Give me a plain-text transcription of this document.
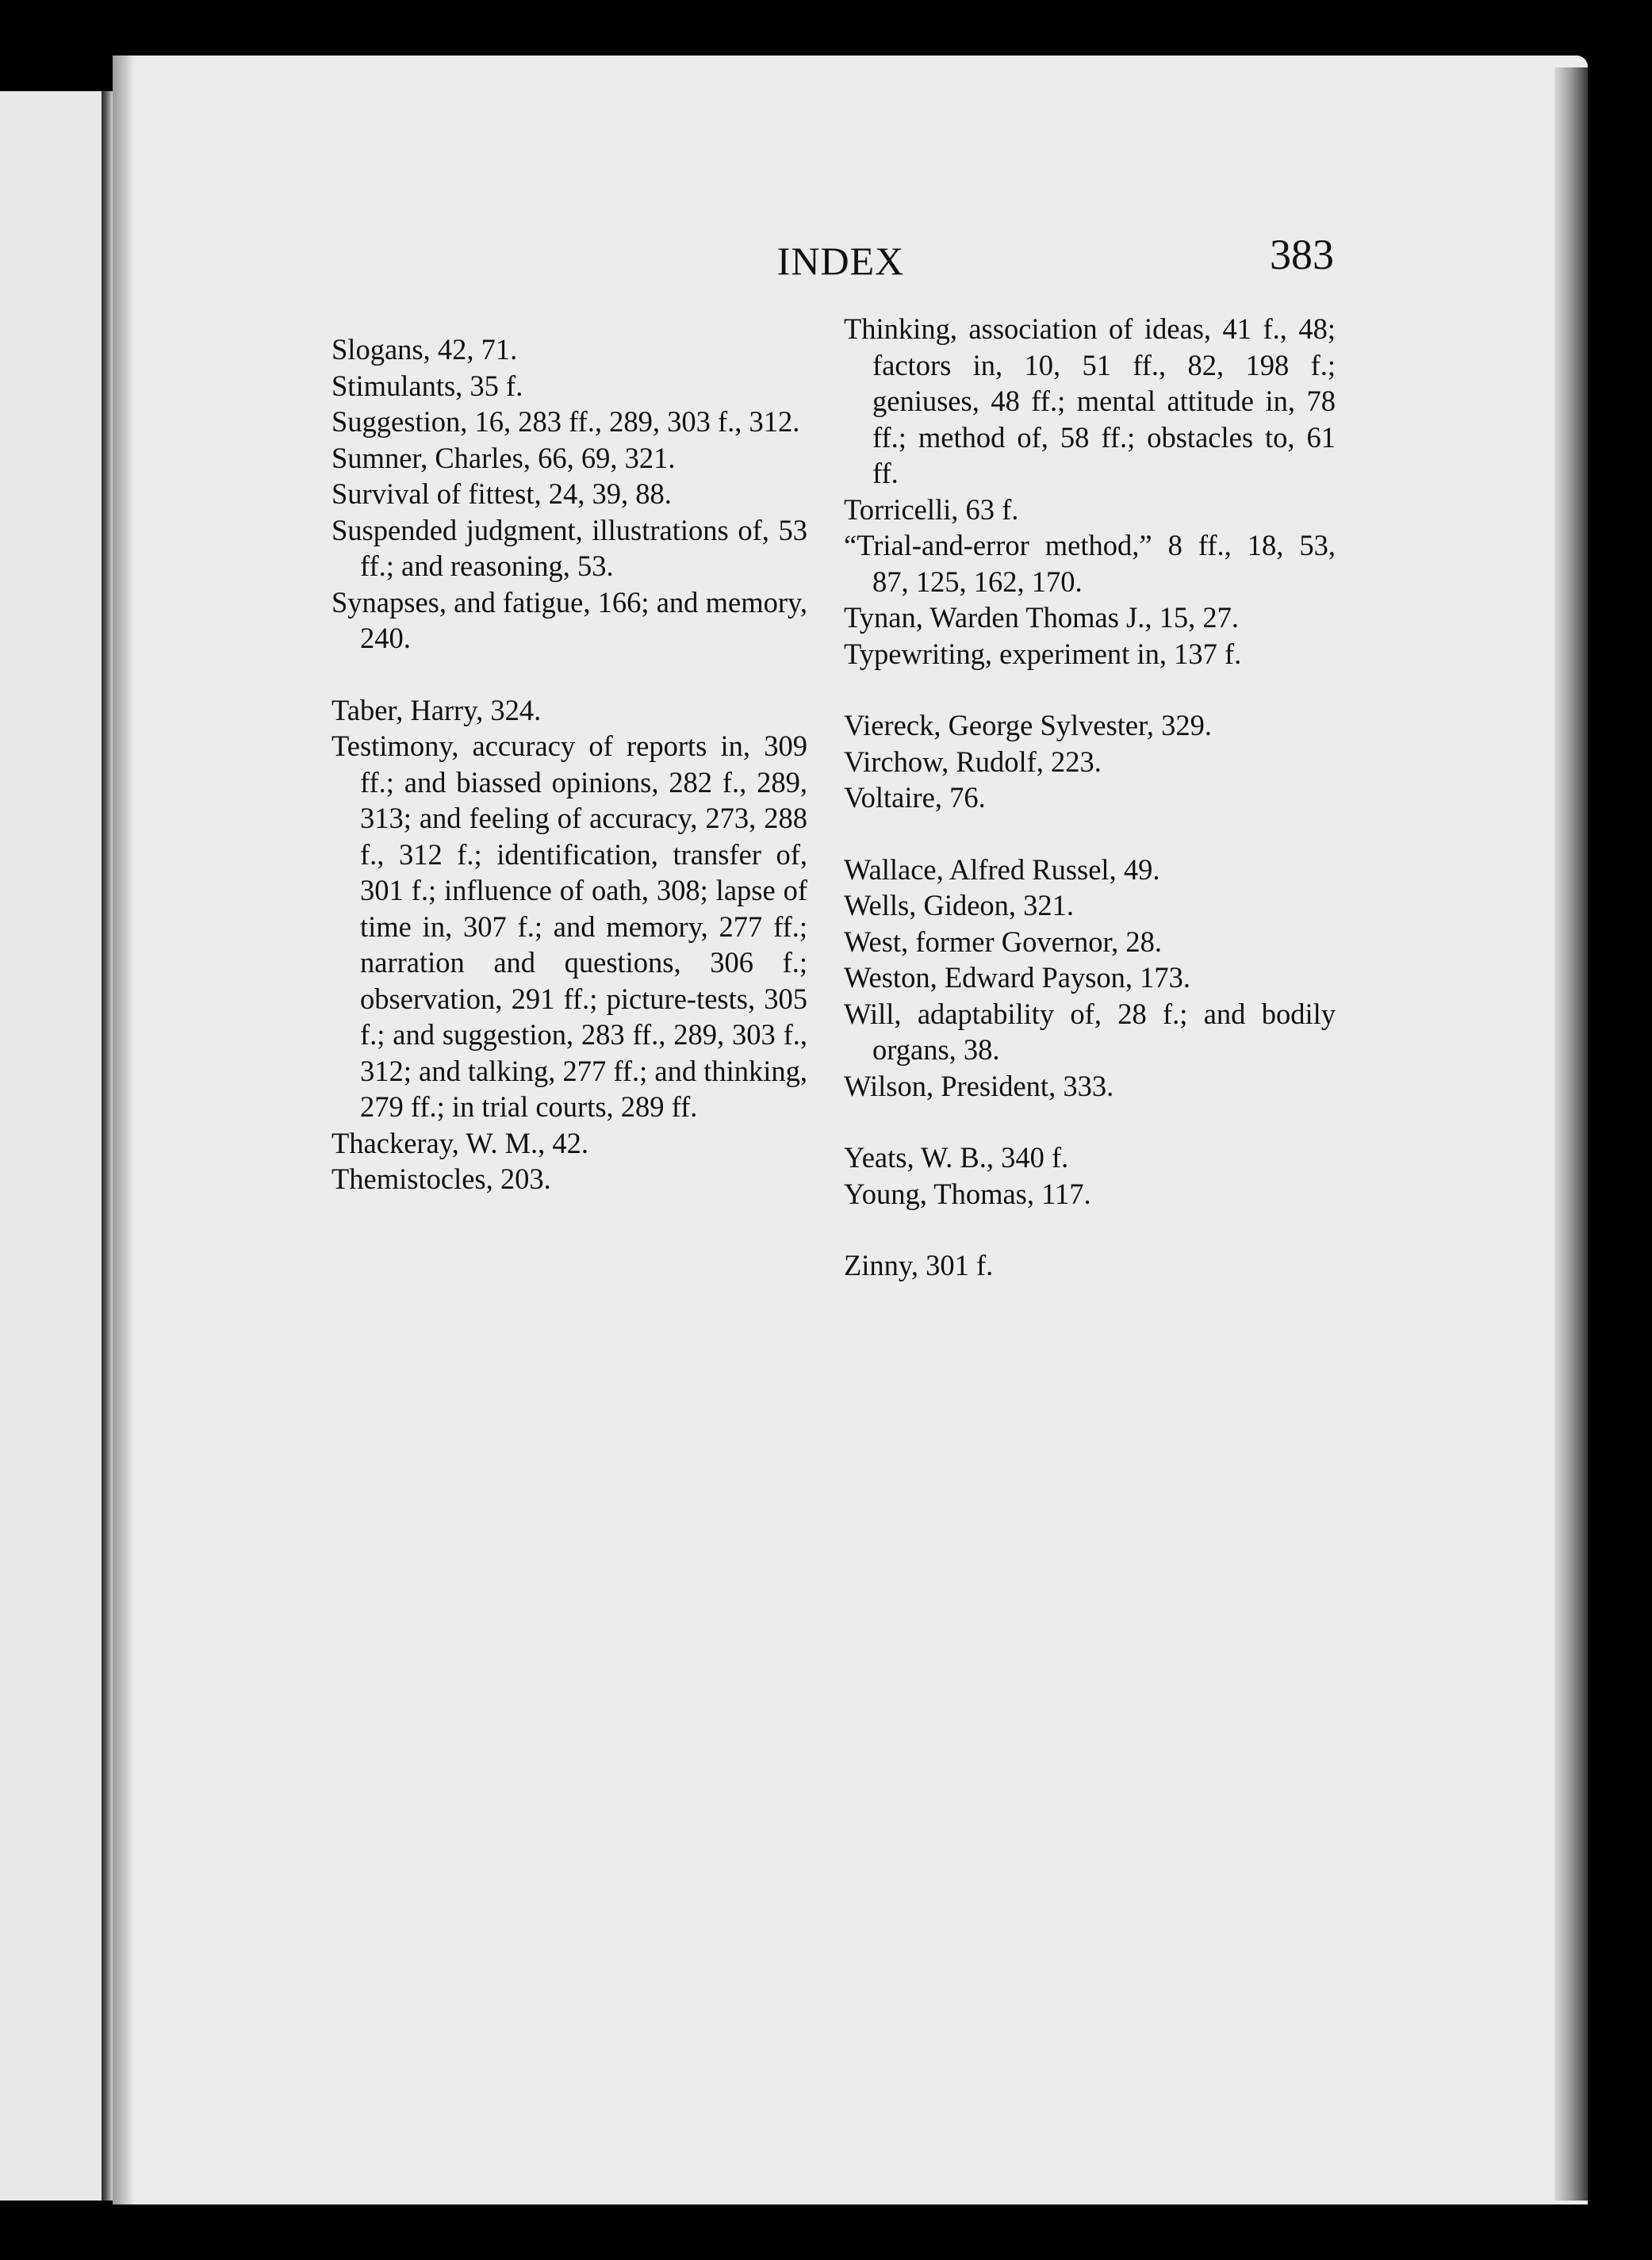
INDEX	383
Slogans, 42, 71.
Stimulants, 35 f.
Suggestion, 16, 283 ff., 289, 303 f., 312.
Sumner, Charles, 66, 69, 321.
Survival of fittest, 24, 39, 88.
Suspended judgment, illustrations of, 53 ff.; and reasoning, 53.
Synapses, and fatigue, 166; and memory, 240.
Taber, Harry, 324.
Testimony, accuracy of reports in, 309 ff.; and biassed opinions, 282 f., 289, 313; and feeling of accuracy, 273, 288 f., 312 f.; identification, transfer of, 301 f.; influence of oath, 308; lapse of time in, 307 f.; and memory, 277 ff.; narration and questions, 306 f.; observation, 291 ff.; picture-tests, 305 f.; and suggestion, 283 ff., 289, 303 f., 312; and talking, 277 ff.; and thinking, 279 ff.; in trial courts, 289 ff.
Thackeray, W. M., 42.
Themistocles, 203.
Thinking, association of ideas, 41 f., 48; factors in, 10, 51 ff., 82, 198 f.; geniuses, 48 ff.; mental attitude in, 78 ff.; method of, 58 ff.; obstacles to, 61 ff.
Torricelli, 63 f.
“Trial-and-error method,” 8 ff., 18, 53, 87, 125, 162, 170.
Tynan, Warden Thomas J., 15, 27.
Typewriting, experiment in, 137 f.
Viereck, George Sylvester, 329.
Virchow, Rudolf, 223.
Voltaire, 76.
Wallace, Alfred Russel, 49.
Wells, Gideon, 321.
West, former Governor, 28.
Weston, Edward Payson, 173.
Will, adaptability of, 28 f.; and bodily organs, 38.
Wilson, President, 333.
Yeats, W. B., 340 f.
Young, Thomas, 117.
Zinny, 301 f.
